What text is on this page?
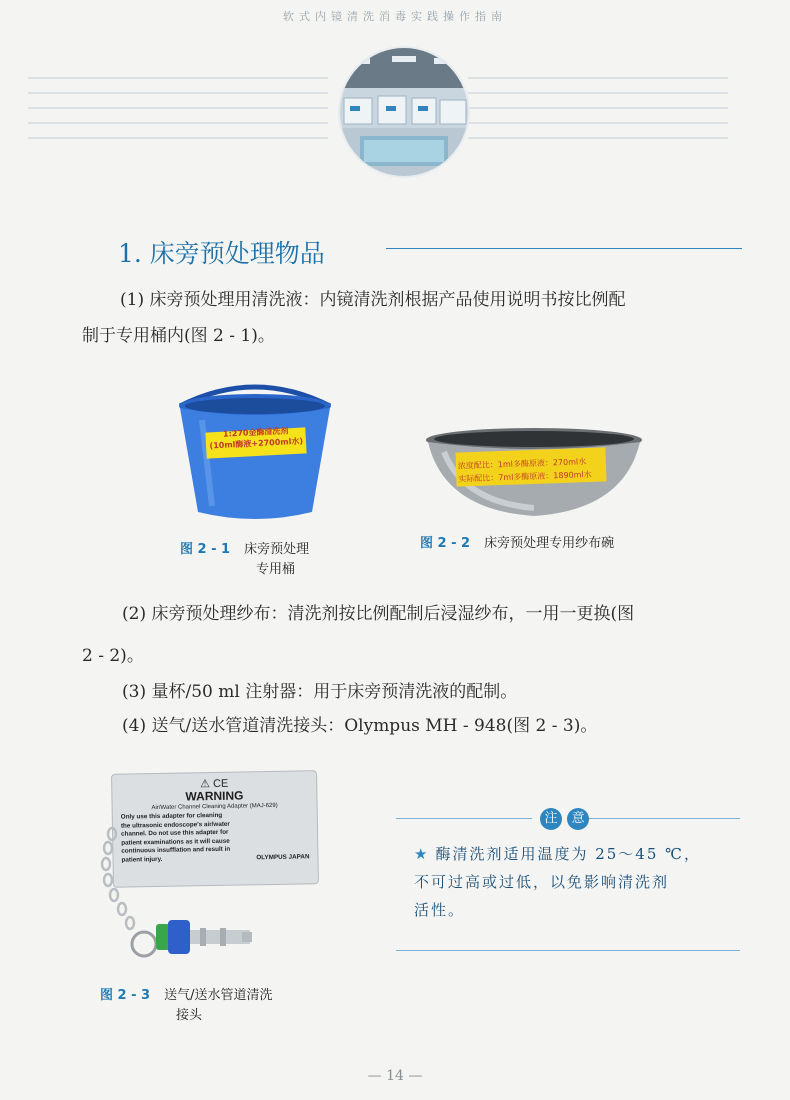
软式内镜清洗消毒实践操作指南
1. 床旁预处理物品
(1) 床旁预处理用清洗液：内镜清洗剂根据产品使用说明书按比例配
制于专用桶内(图 2 - 1)。
1:270金酶清洗剂
(10ml酶液+2700ml水)
浓度配比：1ml多酶原液：270ml水
实际配比：7ml多酶原液：1890ml水
图 2 - 1 床旁预处理
专用桶
图 2 - 2 床旁预处理专用纱布碗
(2) 床旁预处理纱布：清洗剂按比例配制后浸湿纱布，一用一更换(图
2 - 2)。
(3) 量杯/50 ml 注射器：用于床旁预清洗液的配制。
(4) 送气/送水管道清洗接头：Olympus MH - 948(图 2 - 3)。
⚠ CE
WARNING
Air/Water Channel Cleaning Adapter (MAJ-629)
Only use this adapter for cleaning
the ultrasonic endoscope's air/water
channel. Do not use this adapter for
patient examinations as it will cause
continuous insufflation and result in
patient injury.	OLYMPUS JAPAN
图 2 - 3 送气/送水管道清洗
接头
注 意
★ 酶清洗剂适用温度为 25～45 ℃，
不可过高或过低，以免影响清洗剂
活性。
— 14 —
